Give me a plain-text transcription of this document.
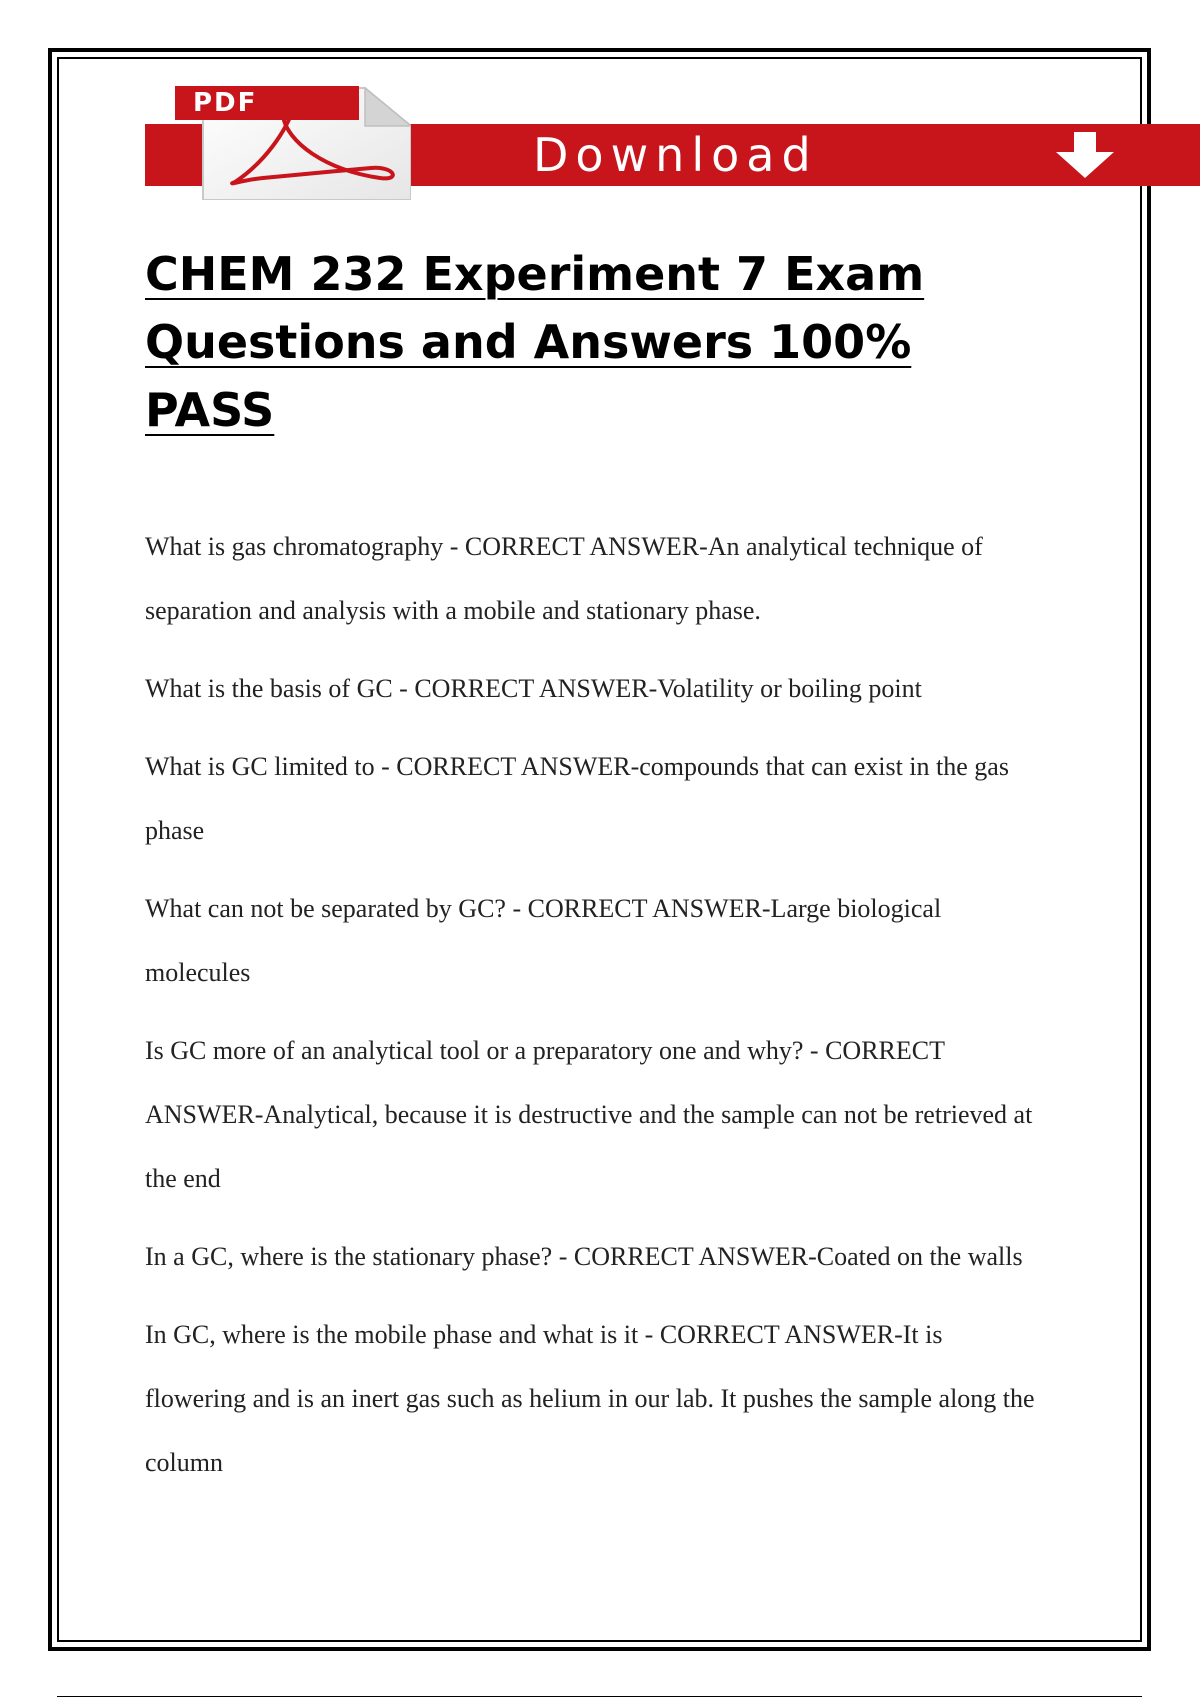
Download
PDF
CHEM 232 Experiment 7 Exam Questions and Answers 100% PASS

What is gas chromatography - CORRECT ANSWER-An analytical technique of separation and analysis with a mobile and stationary phase.

What is the basis of GC - CORRECT ANSWER-Volatility or boiling point

What is GC limited to - CORRECT ANSWER-compounds that can exist in the gas phase

What can not be separated by GC? - CORRECT ANSWER-Large biological molecules

Is GC more of an analytical tool or a preparatory one and why? - CORRECT ANSWER-Analytical, because it is destructive and the sample can not be retrieved at the end

In a GC, where is the stationary phase? - CORRECT ANSWER-Coated on the walls

In GC, where is the mobile phase and what is it - CORRECT ANSWER-It is flowering and is an inert gas such as helium in our lab. It pushes the sample along the column
